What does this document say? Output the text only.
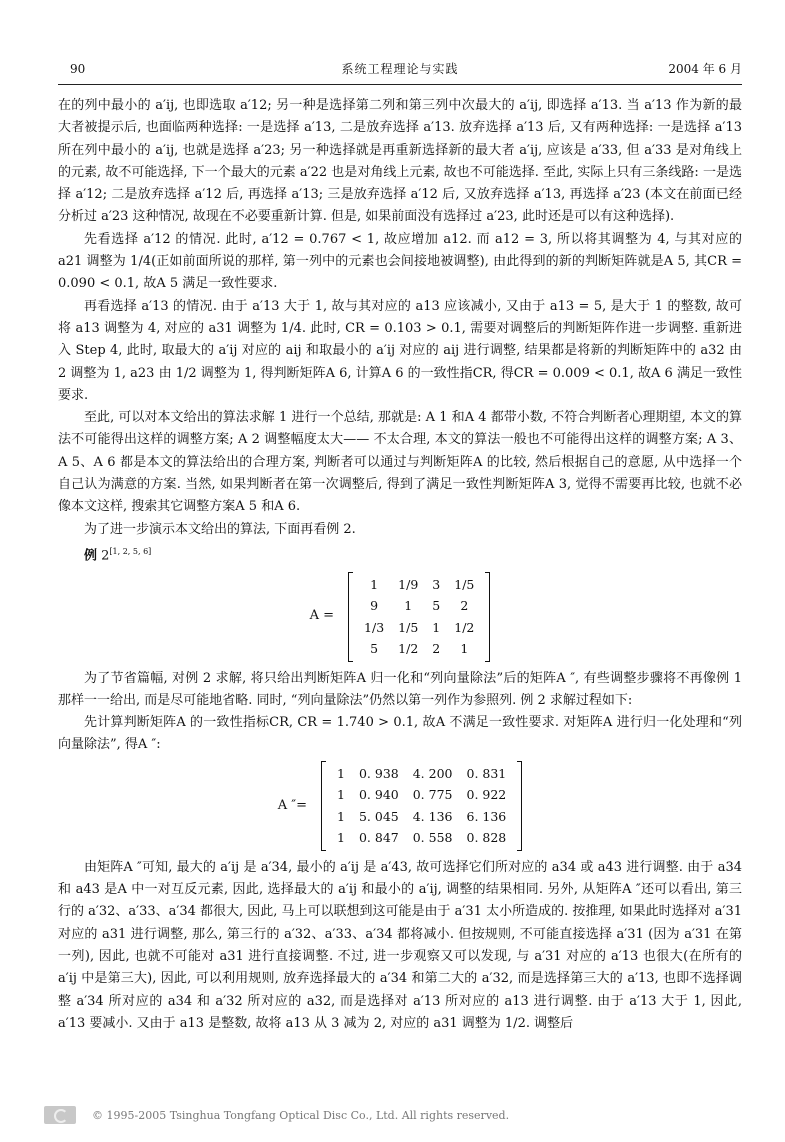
90	系统工程理论与实践	2004 年 6 月

在的列中最小的 a′ij, 也即选取 a′12; 另一种是选择第二列和第三列中次最大的 a′ij, 即选择 a′13. 当 a′13 作为新的最大者被提示后, 也面临两种选择: 一是选择 a′13, 二是放弃选择 a′13. 放弃选择 a′13 后, 又有两种选择: 一是选择 a′13 所在列中最小的 a′ij, 也就是选择 a′23; 另一种选择就是再重新选择新的最大者 a′ij, 应该是 a′33, 但 a′33 是对角线上的元素, 故不可能选择, 下一个最大的元素 a′22 也是对角线上元素, 故也不可能选择. 至此, 实际上只有三条线路: 一是选择 a′12; 二是放弃选择 a′12 后, 再选择 a′13; 三是放弃选择 a′12 后, 又放弃选择 a′13, 再选择 a′23 (本文在前面已经分析过 a′23 这种情况, 故现在不必要重新计算. 但是, 如果前面没有选择过 a′23, 此时还是可以有这种选择).

先看选择 a′12 的情况. 此时, a′12 = 0.767 < 1, 故应增加 a12. 而 a12 = 3, 所以将其调整为 4, 与其对应的 a21 调整为 1/4(正如前面所说的那样, 第一列中的元素也会间接地被调整), 由此得到的新的判断矩阵就是A 5, 其CR = 0.090 < 0.1, 故A 5 满足一致性要求.

再看选择 a′13 的情况. 由于 a′13 大于 1, 故与其对应的 a13 应该减小, 又由于 a13 = 5, 是大于 1 的整数, 故可将 a13 调整为 4, 对应的 a31 调整为 1/4. 此时, CR = 0.103 > 0.1, 需要对调整后的判断矩阵作进一步调整. 重新进入 Step 4, 此时, 取最大的 a′ij 对应的 aij 和取最小的 a′ij 对应的 aij 进行调整, 结果都是将新的判断矩阵中的 a32 由 2 调整为 1, a23 由 1/2 调整为 1, 得判断矩阵A 6, 计算A 6 的一致性指CR, 得CR = 0.009 < 0.1, 故A 6 满足一致性要求.

至此, 可以对本文给出的算法求解 1 进行一个总结, 那就是: A 1 和A 4 都带小数, 不符合判断者心理期望, 本文的算法不可能得出这样的调整方案; A 2 调整幅度太大—— 不太合理, 本文的算法一般也不可能得出这样的调整方案; A 3、A 5、A 6 都是本文的算法给出的合理方案, 判断者可以通过与判断矩阵A 的比较, 然后根据自己的意愿, 从中选择一个自己认为满意的方案. 当然, 如果判断者在第一次调整后, 得到了满足一致性判断矩阵A 3, 觉得不需要再比较, 也就不必像本文这样, 搜索其它调整方案A 5 和A 6.

为了进一步演示本文给出的算法, 下面再看例 2.

例 2[1, 2, 5, 6]

A =
1	1/9	3	1/5
9	1	5	2
1/3	1/5	1	1/2
5	1/2	2	1

为了节省篇幅, 对例 2 求解, 将只给出判断矩阵A 归一化和“列向量除法”后的矩阵A ″, 有些调整步骤将不再像例 1 那样一一给出, 而是尽可能地省略. 同时, “列向量除法”仍然以第一列作为参照列. 例 2 求解过程如下:

先计算判断矩阵A 的一致性指标CR, CR = 1.740 > 0.1, 故A 不满足一致性要求. 对矩阵A 进行归一化处理和“列向量除法”, 得A ″:

A ″=
1	0. 938	4. 200	0. 831
1	0. 940	0. 775	0. 922
1	5. 045	4. 136	6. 136
1	0. 847	0. 558	0. 828

由矩阵A ″可知, 最大的 a′ij 是 a′34, 最小的 a′ij 是 a′43, 故可选择它们所对应的 a34 或 a43 进行调整. 由于 a34 和 a43 是A 中一对互反元素, 因此, 选择最大的 a′ij 和最小的 a′ij, 调整的结果相同. 另外, 从矩阵A ″还可以看出, 第三行的 a′32、a′33、a′34 都很大, 因此, 马上可以联想到这可能是由于 a′31 太小所造成的. 按推理, 如果此时选择对 a′31 对应的 a31 进行调整, 那么, 第三行的 a′32、a′33、a′34 都将减小. 但按规则, 不可能直接选择 a′31 (因为 a′31 在第一列), 因此, 也就不可能对 a31 进行直接调整. 不过, 进一步观察又可以发现, 与 a′31 对应的 a′13 也很大(在所有的 a′ij 中是第三大), 因此, 可以利用规则, 放弃选择最大的 a′34 和第二大的 a′32, 而是选择第三大的 a′13, 也即不选择调整 a′34 所对应的 a34 和 a′32 所对应的 a32, 而是选择对 a′13 所对应的 a13 进行调整. 由于 a′13 大于 1, 因此, a′13 要减小. 又由于 a13 是整数, 故将 a13 从 3 减为 2, 对应的 a31 调整为 1/2. 调整后

© 1995-2005 Tsinghua Tongfang Optical Disc Co., Ltd. All rights reserved.
